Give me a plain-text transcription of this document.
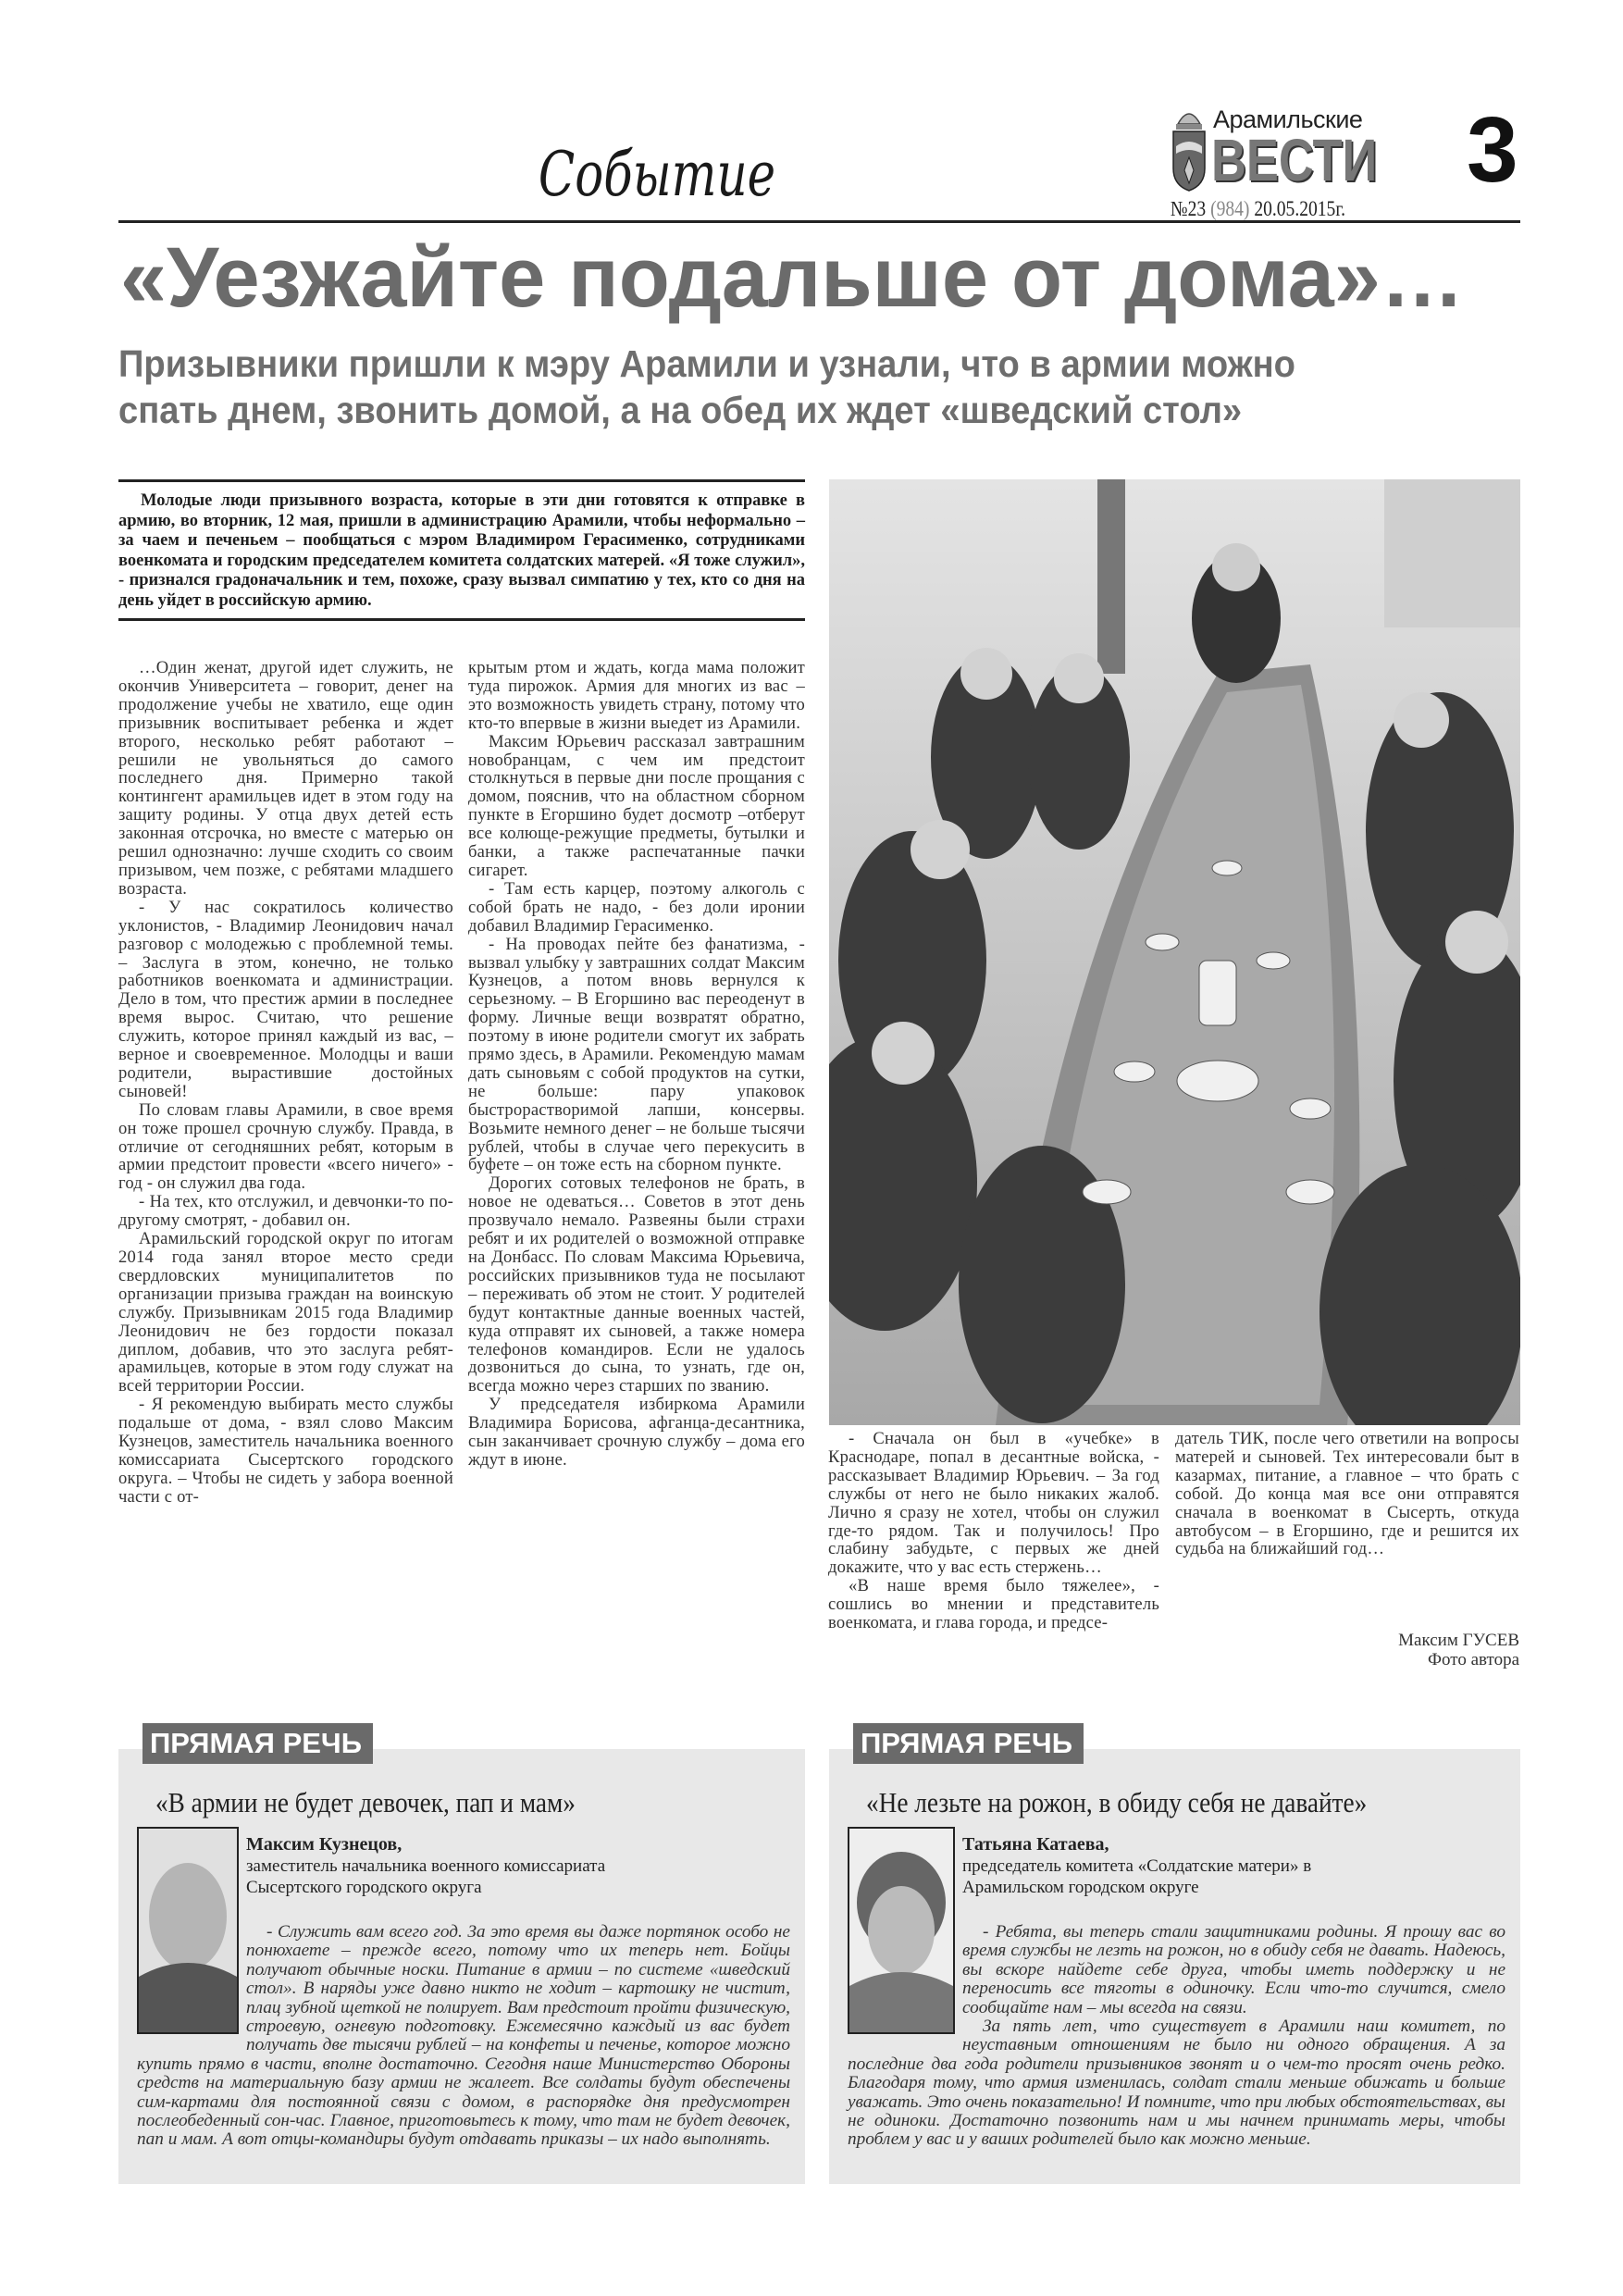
Событие
Арамильские
ВЕСТИ
№23 (984) 20.05.2015г.
3
«Уезжайте подальше от дома»…
Призывники пришли к мэру Арамили и узнали, что в армии можно
спать днем, звонить домой, а на обед их ждет «шведский стол»

Молодые люди призывного возраста, которые в эти дни готовятся к отправке в армию, во вторник, 12 мая, пришли в администрацию Арамили, чтобы неформально – за чаем и печеньем – пообщаться с мэром Владимиром Герасименко, сотрудниками военкомата и городским председателем комитета солдатских матерей. «Я тоже служил», - признался градоначальник и тем, похоже, сразу вызвал симпатию у тех, кто со дня на день уйдет в российскую армию.

…Один женат, другой идет служить, не окончив Университета – говорит, денег на продолжение учебы не хватило, еще один призывник воспитывает ребенка и ждет второго, несколько ребят работают – решили не увольняться до самого последнего дня. Примерно такой контингент арамильцев идет в этом году на защиту родины. У отца двух детей есть законная отсрочка, но вместе с матерью он решил однозначно: лучше сходить со своим призывом, чем позже, с ребятами младшего возраста.

- У нас сократилось количество уклонистов, - Владимир Леонидович начал разговор с молодежью с проблемной темы. – Заслуга в этом, конечно, не только работников военкомата и администрации. Дело в том, что престиж армии в последнее время вырос. Считаю, что решение служить, которое принял каждый из вас, – верное и своевременное. Молодцы и ваши родители, вырастившие достойных сыновей!

По словам главы Арамили, в свое время он тоже прошел срочную службу. Правда, в отличие от сегодняшних ребят, которым в армии предстоит провести «всего ничего» - год - он служил два года.

- На тех, кто отслужил, и девчонки-то по-другому смотрят, - добавил он.

Арамильский городской округ по итогам 2014 года занял второе место среди свердловских муниципалитетов по организации призыва граждан на воинскую службу. Призывникам 2015 года Владимир Леонидович не без гордости показал диплом, добавив, что это заслуга ребят-арамильцев, которые в этом году служат на всей территории России.

- Я рекомендую выбирать место службы подальше от дома, - взял слово Максим Кузнецов, заместитель начальника военного комиссариата Сысертского городского округа. – Чтобы не сидеть у забора военной части с от-

крытым ртом и ждать, когда мама положит туда пирожок. Армия для многих из вас – это возможность увидеть страну, потому что кто-то впервые в жизни выедет из Арамили.

Максим Юрьевич рассказал завтрашним новобранцам, с чем им предстоит столкнуться в первые дни после прощания с домом, пояснив, что на областном сборном пункте в Егоршино будет досмотр –отберут все колюще-режущие предметы, бутылки и банки, а также распечатанные пачки сигарет.

- Там есть карцер, поэтому алкоголь с собой брать не надо, - без доли иронии добавил Владимир Герасименко.

- На проводах пейте без фанатизма, - вызвал улыбку у завтрашних солдат Максим Кузнецов, а потом вновь вернулся к серьезному. – В Егоршино вас переоденут в форму. Личные вещи возвратят обратно, поэтому в июне родители смогут их забрать прямо здесь, в Арамили. Рекомендую мамам дать сыновьям с собой продуктов на сутки, не больше: пару упаковок быстрорастворимой лапши, консервы. Возьмите немного денег – не больше тысячи рублей, чтобы в случае чего перекусить в буфете – он тоже есть на сборном пункте.

Дорогих сотовых телефонов не брать, в новое не одеваться… Советов в этот день прозвучало немало. Развеяны были страхи ребят и их родителей о возможной отправке на Донбасс. По словам Максима Юрьевича, российских призывников туда не посылают – переживать об этом не стоит. У родителей будут контактные данные военных частей, куда отправят их сыновей, а также номера телефонов командиров. Если не удалось дозвониться до сына, то узнать, где он, всегда можно через старших по званию.

У председателя избиркома Арамили Владимира Борисова, афганца-десантника, сын заканчивает срочную службу – дома его ждут в июне.

- Сначала он был в «учебке» в Краснодаре, попал в десантные войска, - рассказывает Владимир Юрьевич. – За год службы от него не было никаких жалоб. Лично я сразу не хотел, чтобы он служил где-то рядом. Так и получилось! Про слабину забудьте, с первых же дней докажите, что у вас есть стержень…

«В наше время было тяжелее», - сошлись во мнении и представитель военкомата, и глава города, и предсе-

датель ТИК, после чего ответили на вопросы матерей и сыновей. Тех интересовали быт в казармах, питание, а главное – что брать с собой. До конца мая все они отправятся сначала в военкомат в Сысерть, откуда автобусом – в Егоршино, где и решится их судьба на ближайший год…

Максим ГУСЕВ
Фото автора
ПРЯМАЯ РЕЧЬ
«В армии не будет девочек, пап и мам»
Максим Кузнецов,
заместитель начальника военного комиссариата
Сысертского городского округа

- Служить вам всего год. За это время вы даже портянок особо не понюхаете – прежде всего, потому что их теперь нет. Бойцы получают обычные носки. Питание в армии – по системе «шведский стол». В наряды уже давно никто не ходит – картошку не чистит, плац зубной щеткой не полирует. Вам предстоит пройти физическую, строевую, огневую подготовку. Ежемесячно каждый из вас будет получать две тысячи рублей – на конфеты и печенье, которое можно купить прямо в части, вполне достаточно. Сегодня наше Министерство Обороны средств на материальную базу армии не жалеет. Все солдаты будут обеспечены сим-картами для постоянной связи с домом, в распорядке дня предусмотрен послеобеденный сон-час. Главное, приготовьтесь к тому, что там не будет девочек, пап и мам. А вот отцы-командиры будут отдавать приказы – их надо выполнять.

ПРЯМАЯ РЕЧЬ
«Не лезьте на рожон, в обиду себя не давайте»
Татьяна Катаева,
председатель комитета «Солдатские матери» в
Арамильском городском округе

- Ребята, вы теперь стали защитниками родины. Я прошу вас во время службы не лезть на рожон, но в обиду себя не давать. Надеюсь, вы вскоре найдете себе друга, чтобы иметь поддержку и не переносить все тяготы в одиночку. Если что-то случится, смело сообщайте нам – мы всегда на связи.

За пять лет, что существует в Арамили наш комитет, по неуставным отношениям не было ни одного обращения. А за последние два года родители призывников звонят и о чем-то просят очень редко. Благодаря тому, что армия изменилась, солдат стали меньше обижать и больше уважать. Это очень показательно! И помните, что при любых обстоятельствах, вы не одиноки. Достаточно позвонить нам и мы начнем принимать меры, чтобы проблем у вас и у ваших родителей было как можно меньше.
